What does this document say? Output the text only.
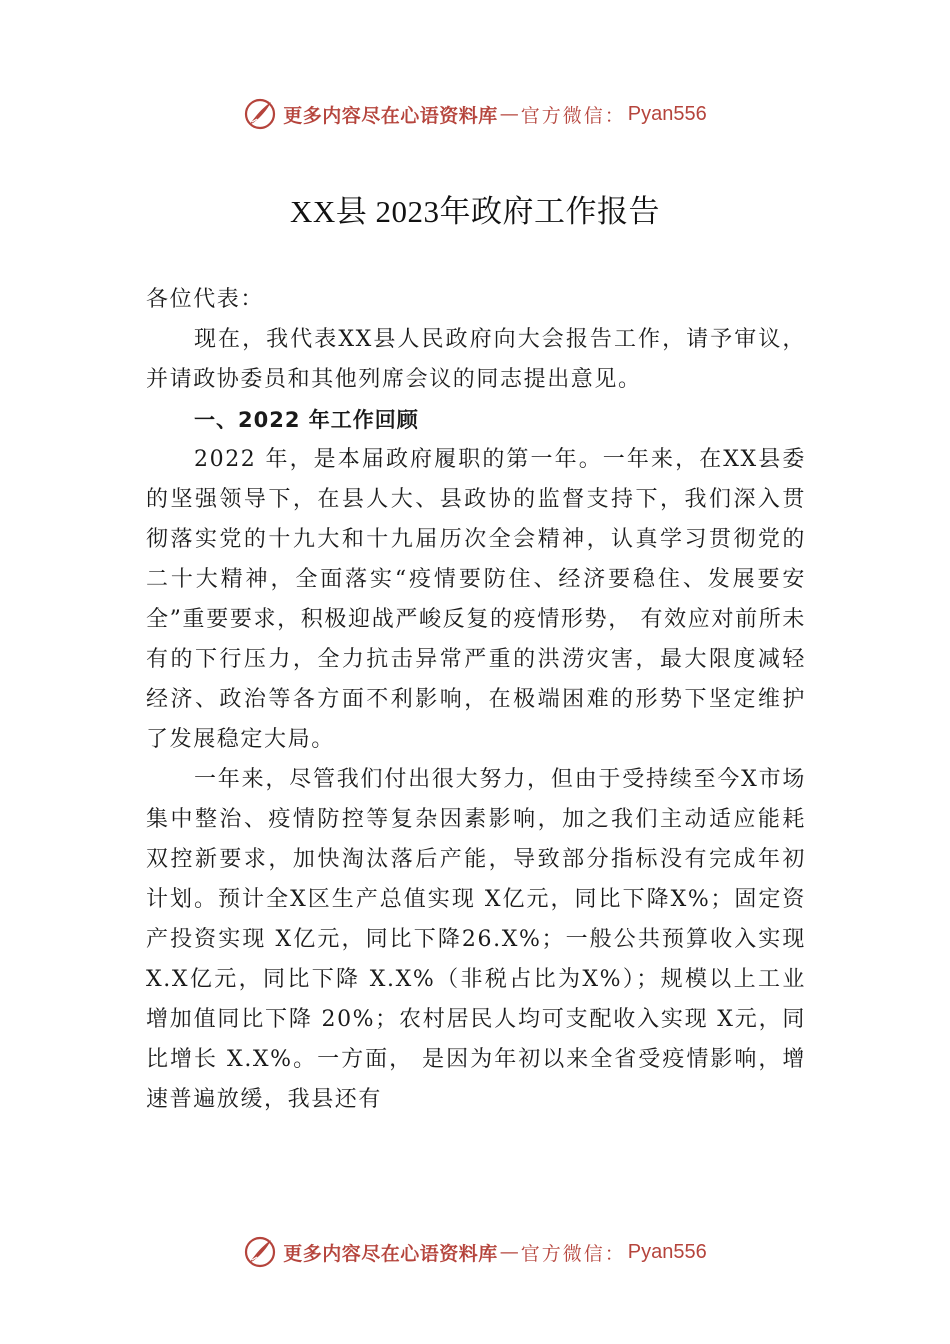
更多内容尽在心语资料库 — 官方微信： Pyan556
XX县 2023年政府工作报告

各位代表：

现在，我代表XX县人民政府向大会报告工作，请予审议，并请政协委员和其他列席会议的同志提出意见。

一、2022 年工作回顾

2022 年，是本届政府履职的第一年。一年来，在XX县委的坚强领导下，在县人大、县政协的监督支持下，我们深入贯彻落实党的十九大和十九届历次全会精神，认真学习贯彻党的二十大精神，全面落实“疫情要防住、经济要稳住、发展要安全”重要要求，积极迎战严峻反复的疫情形势， 有效应对前所未有的下行压力，全力抗击异常严重的洪涝灾害，最大限度减轻经济、政治等各方面不利影响，在极端困难的形势下坚定维护了发展稳定大局。

一年来，尽管我们付出很大努力，但由于受持续至今X市场集中整治、疫情防控等复杂因素影响，加之我们主动适应能耗双控新要求，加快淘汰落后产能，导致部分指标没有完成年初计划。预计全X区生产总值实现 X亿元，同比下降X%；固定资产投资实现 X亿元，同比下降26.X%；一般公共预算收入实现 X.X亿元，同比下降 X.X%（非税占比为X%）；规模以上工业增加值同比下降 20%；农村居民人均可支配收入实现 X元，同比增长 X.X%。一方面， 是因为年初以来全省受疫情影响，增速普遍放缓，我县还有

更多内容尽在心语资料库 — 官方微信： Pyan556
